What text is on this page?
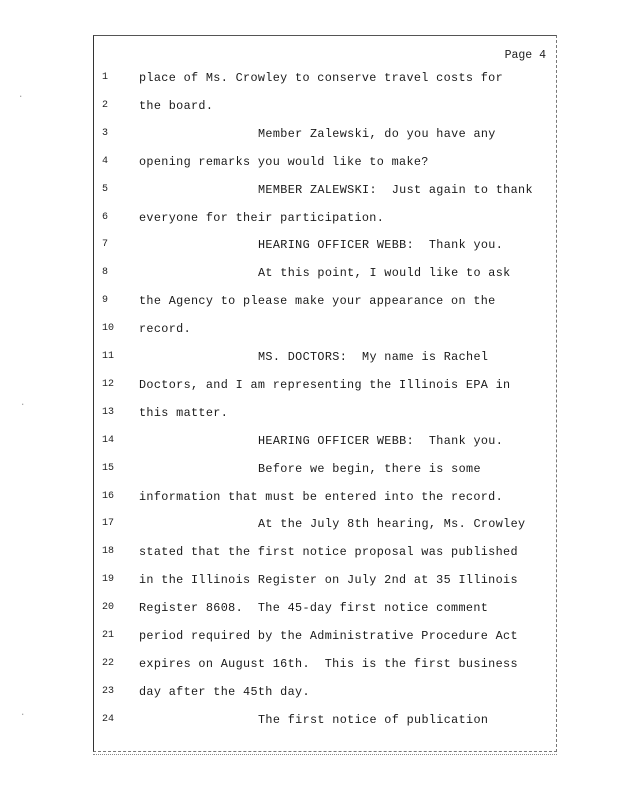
Page 4
1	place of Ms. Crowley to conserve travel costs for
2	the board.
3	Member Zalewski, do you have any
4	opening remarks you would like to make?
5	MEMBER ZALEWSKI:  Just again to thank
6	everyone for their participation.
7	HEARING OFFICER WEBB:  Thank you.
8	At this point, I would like to ask
9	the Agency to please make your appearance on the
10	record.
11	MS. DOCTORS:  My name is Rachel
12	Doctors, and I am representing the Illinois EPA in
13	this matter.
14	HEARING OFFICER WEBB:  Thank you.
15	Before we begin, there is some
16	information that must be entered into the record.
17	At the July 8th hearing, Ms. Crowley
18	stated that the first notice proposal was published
19	in the Illinois Register on July 2nd at 35 Illinois
20	Register 8608.  The 45-day first notice comment
21	period required by the Administrative Procedure Act
22	expires on August 16th.  This is the first business
23	day after the 45th day.
24	The first notice of publication
·
·
·
